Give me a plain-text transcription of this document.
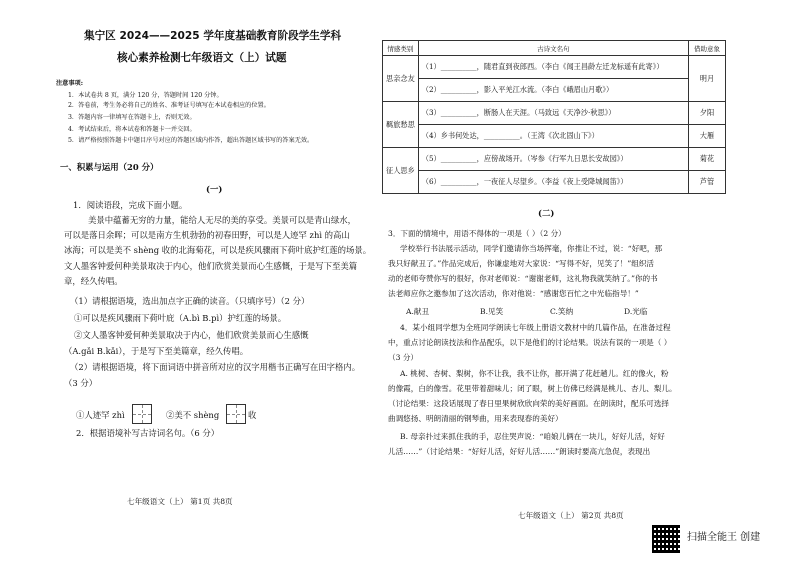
集宁区 2024——2025 学年度基础教育阶段学生学科
核心素养检测七年级语文（上）试题
注意事项:
1．本试卷共 8 页，满分 120 分，答题时间 120 分钟。
2．答卷前，考生务必将自己的姓名、准考证号填写在本试卷相应的位置。
3．答题内容一律填写在答题卡上，否则无效。
4．考试结束后，将本试卷和答题卡一并交回。
5．请严格按照答题卡中题目序号对应的答题区域内作答，超出答题区域书写的答案无效。
一、积累与运用（20 分）
(一)
1．阅读语段，完成下面小题。
美景中蕴蓄无穷的力量，能给人无尽的美的享受。美景可以是青山绿水，
可以是落日余晖；可以是南方生机勃勃的初春田野，可以是人迹罕 zhì 的高山
冰海；可以是美不 shèng 收的北海菊花，可以是疾风骤雨下荷叶底护红莲的场景。
文人墨客钟爱何种美景取决于内心，他们欣赏美景而心生感慨，于是写下至美篇
章，经久传唱。
（1）请根据语境，选出加点字正确的读音。（只填序号）（2 分）
①可以是疾风骤雨下荷叶庇（A.bì B.pì）护红莲的场景。
②文人墨客钟爱何种美景取决于内心，他们欣赏美景而心生感慨
（A.gǎi B.kǎi），于是写下至美篇章，经久传唱。
（2）请根据语境，将下面词语中拼音所对应的汉字用楷书正确写在田字格内。
（3 分）
①人迹罕 zhì	②美不 shèng	收
2．根据语境补写古诗词名句。（6 分）
七年级语文（上） 第1页 共8页
情感类别	古诗文名句	借助意象
思亲念友	（1）__________，随君直到夜郎西。（李白《闻王昌龄左迁龙标遥有此寄》）	明月
	（2）__________，影入平羌江水流。（李白《峨眉山月歌》）	
羁旅愁思	（3）__________，断肠人在天涯。（马致远《天净沙·秋思》）	夕阳
	（4）乡书何处达，__________。（王湾《次北固山下》）	大雁
征人思乡	（5）__________，应傍战场开。（岑参《行军九日思长安故园》）	菊花
	（6）__________，一夜征人尽望乡。（李益《夜上受降城闻笛》）	芦管
(二)
3．下面的情境中，用语不得体的一项是（ ）（2 分）
学校举行书法展示活动，同学们邀请你当场挥毫，你推让不过，说：“好吧，那
我只好献丑了。”作品完成后，你谦虚地对大家说：“写得不好，见笑了！”组织活
动的老师夸赞你写的很好，你对老师说：“谢谢老师，这礼物我就笑纳了。”你的书
法老师应你之邀参加了这次活动，你对他说：“感谢您百忙之中光临指导！”
A.献丑	B.见笑	C.笑纳	D.光临
4．某小组同学想为全班同学朗读七年级上册语文教材中的几篇作品，在准备过程
中，重点讨论朗读技法和作品配乐，以下是他们的讨论结果。说法有误的一项是（ ）
（3 分）
A. 桃树、杏树、梨树，你不让我，我不让你，都开满了花赶趟儿。红的像火，粉
的像霞，白的像雪。花里带着甜味儿；闭了眼，树上仿佛已经满是桃儿、杏儿、梨儿。
（讨论结果：这段话展现了春日里果树欣欣向荣的美好画面。在朗读时，配乐可选择
曲调悠扬、明朗清丽的钢琴曲，用来表现春的美好）
B. 母亲扑过来抓住我的手，忍住哭声说：“咱娘儿俩在一块儿，好好儿活，好好
儿活……”（讨论结果：“好好儿活，好好儿活……”朗读时要高亢急促，表现出
七年级语文（上） 第2页 共8页
扫描全能王 创建
